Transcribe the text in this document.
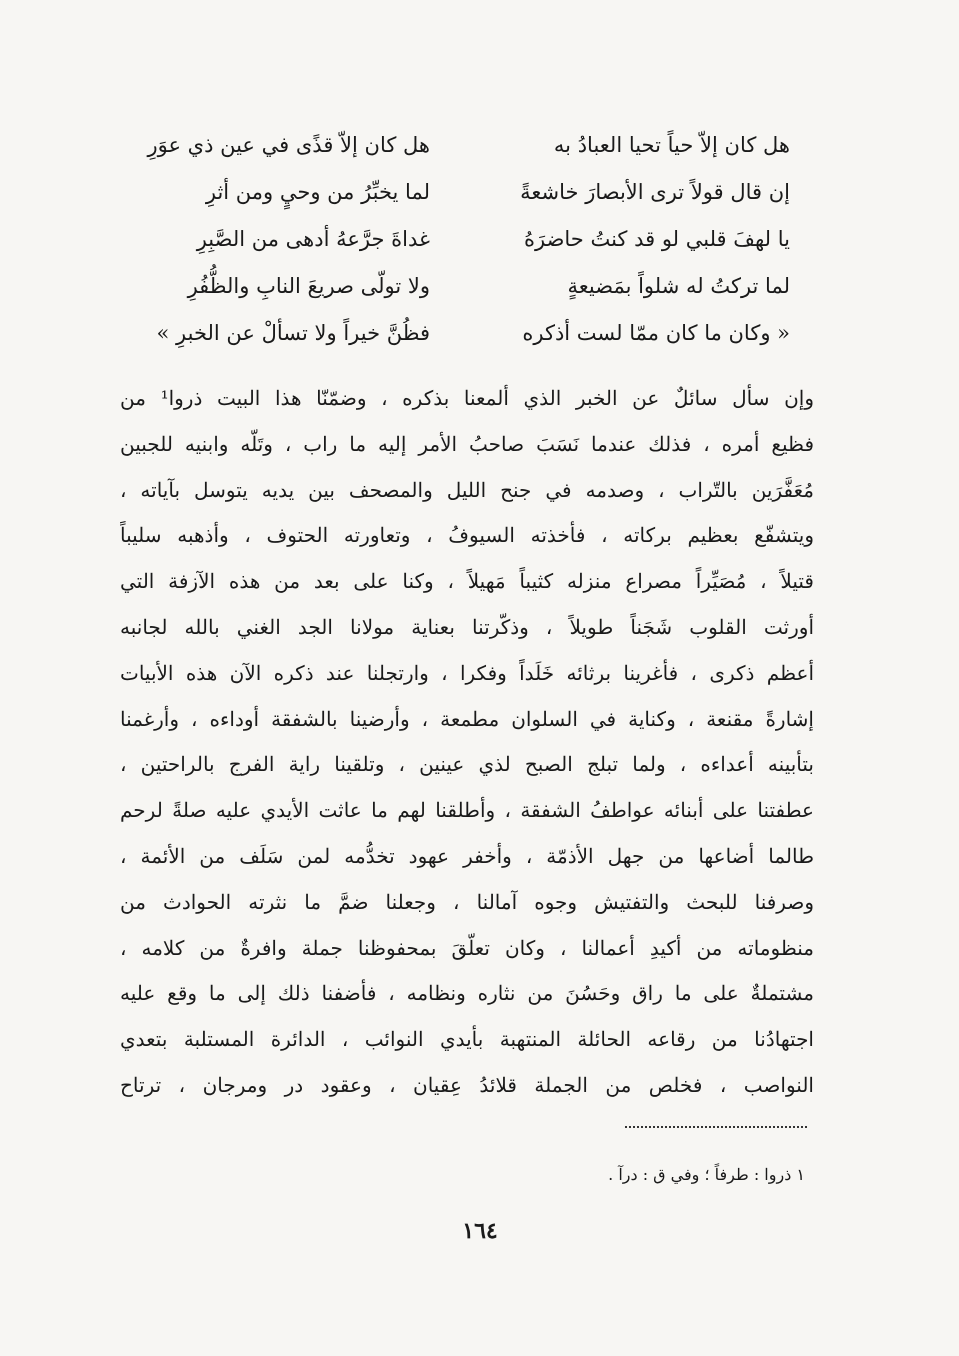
هل كان إلاّ حياً تحيا العبادُ به
هل كان إلاّ قذًى في عين ذي عوَرِ
إن قال قولاً ترى الأبصارَ خاشعةً
لما يخبِّرُ من وحيٍ ومن أثرِ
يا لهفَ قلبي لو قد كنتُ حاضرَهُ
غداةَ جرَّعهُ أدهى من الصَّبِرِ
لما تركتُ له شلواً بمَضيعةٍ
ولا تولّى صريعَ النابِ والظُّفُرِ
« وكان ما كان ممّا لست أذكره
فظُنَّ خيراً ولا تسألْ عن الخبرِ »
وإن سأل سائلٌ عن الخبر الذي ألمعنا بذكره ، وضمّنّا هذا البيت ذروا¹ من
فظيع أمره ، فذلك عندما نَسَبَ صاحبُ الأمر إليه ما راب ، وتَلّه وابنيه للجبين
مُعَفَّرَين بالتّراب ، وصدمه في جنح الليل والمصحف بين يديه يتوسل بآياته ،
ويتشفّع بعظيم بركاته ، فأخذته السيوفُ ، وتعاورته الحتوف ، وأذهبه سليباً
قتيلاً ، مُصَيِّراً مصراع منزله كثيباً مَهيلاً ، وكنا على بعد من هذه الآزفة التي
أورثت القلوب شَجَناً طويلاً ، وذكّرتنا بعناية مولانا الجد الغني بالله لجانبه
أعظم ذكرى ، فأغرينا برثائه خَلَداً وفكرا ، وارتجلنا عند ذكره الآن هذه الأبيات
إشارةً مقنعة ، وكناية في السلوان مطمعة ، وأرضينا بالشفقة أوداءه ، وأرغمنا
بتأبينه أعداءه ، ولما تبلج الصبح لذي عينين ، وتلقينا راية الفرج بالراحتين ،
عطفتنا على أبنائه عواطفُ الشفقة ، وأطلقنا لهم ما عاثت الأيدي عليه صلةً لرحم
طالما أضاعها من جهل الأذمّة ، وأخفر عهود تخدُّمه لمن سَلَف من الأئمة ،
وصرفنا للبحث والتفتيش وجوه آمالنا ، وجعلنا ضمَّ ما نثرته الحوادث من
منظوماته من أكيدِ أعمالنا ، وكان تعلّقَ بمحفوظنا جملة وافرةٌ من كلامه ،
مشتملةٌ على ما راق وحَسُنَ من نثاره ونظامه ، فأضفنا ذلك إلى ما وقع عليه
اجتهادُنا من رقاعه الحائلة المنتهبة بأيدي النوائب ، الدائرة المستلبة بتعدي
النواصب ، فخلص من الجملة قلائدُ عِقيان ، وعقود در ومرجان ، ترتاح
١ ذروا : طرفاً ؛ وفي ق : درآ .
١٦٤
